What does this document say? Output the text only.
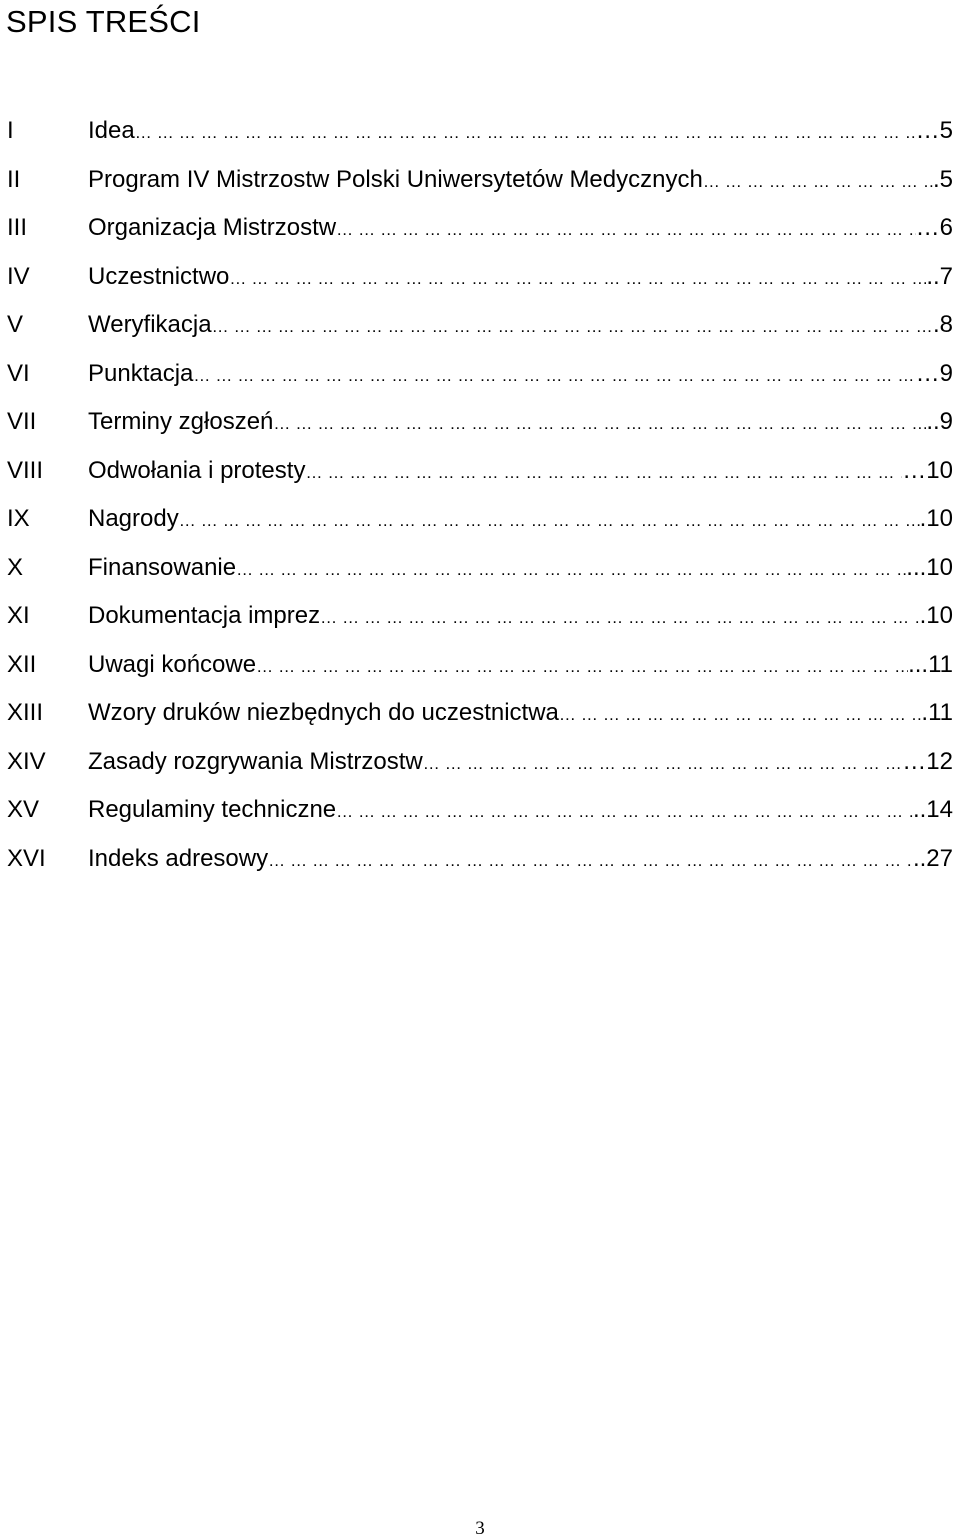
SPIS TREŚCI
I	Idea …………………………………………………………………………………………………………………………	…5
II	Program IV Mistrzostw Polski Uniwersytetów Medycznych …………………………………………………………………………………………………………………………	.5
III	Organizacja Mistrzostw …………………………………………………………………………………………………………………………	…6
IV Uczestnictwo …………………………………………………………………………………………………………………………	..7
V	Weryfikacja …………………………………………………………………………………………………………………………	.8
VI Punktacja …………………………………………………………………………………………………………………………	…9
VII Terminy zgłoszeń …………………………………………………………………………………………………………………………	..9
VIII Odwołania i protesty …………………………………………………………………………………………………………………………	…10
IX Nagrody …………………………………………………………………………………………………………………………	.10
X	Finansowanie …………………………………………………………………………………………………………………………	...10
XI Dokumentacja imprez …………………………………………………………………………………………………………………………	.10
XII Uwagi końcowe …………………………………………………………………………………………………………………………	...11
XIII Wzory druków niezbędnych do uczestnictwa …………………………………………………………………………………………………………………………	.11
XIV Zasady rozgrywania Mistrzostw …………………………………………………………………………………………………………………………	…12
XV Regulaminy techniczne …………………………………………………………………………………………………………………………	..14
XVI Indeks adresowy …………………………………………………………………………………………………………………………	..27
3
